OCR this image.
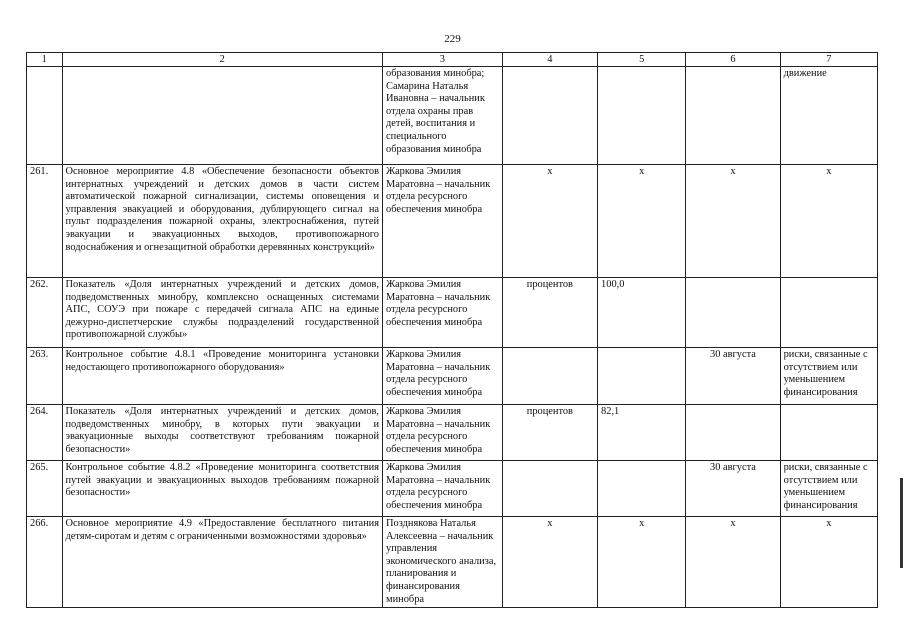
229
1	2	3	4	5	6	7
		образования минобра; Самарина Наталья Ивановна – начальник отдела охраны прав детей, воспитания и специального образования минобра				движение
261.	Основное мероприятие 4.8 «Обеспечение безопасности объектов интернатных учреждений и детских домов в части систем автоматической пожарной сигнализации, системы оповещения и управления эвакуацией и оборудования, дублирующего сигнал на пульт подразделения пожарной охраны, электроснабжения, путей эвакуации и эвакуационных выходов, противопожарного водоснабжения и огнезащитной обработки деревянных конструкций»	Жаркова Эмилия Маратовна – начальник отдела ресурсного обеспечения минобра	х	х	х	х
262.	Показатель «Доля интернатных учреждений и детских домов, подведомственных минобру, комплексно оснащенных системами АПС, СОУЭ при пожаре с передачей сигнала АПС на единые дежурно-диспетчерские службы подразделений государственной противопожарной службы»	Жаркова Эмилия Маратовна – начальник отдела ресурсного обеспечения минобра	процентов	100,0		
263.	Контрольное событие 4.8.1 «Проведение мониторинга установки недостающего противопожарного оборудования»	Жаркова Эмилия Маратовна – начальник отдела ресурсного обеспечения минобра			30 августа	риски, связанные с отсутствием или уменьшением финансирования
264.	Показатель «Доля интернатных учреждений и детских домов, подведомственных минобру, в которых пути эвакуации и эвакуационные выходы соответствуют требованиям пожарной безопасности»	Жаркова Эмилия Маратовна – начальник отдела ресурсного обеспечения минобра	процентов	82,1		
265.	Контрольное событие 4.8.2 «Проведение мониторинга соответствия путей эвакуации и эвакуационных выходов требованиям пожарной безопасности»	Жаркова Эмилия Маратовна – начальник отдела ресурсного обеспечения минобра			30 августа	риски, связанные с отсутствием или уменьшением финансирования
266.	Основное мероприятие 4.9 «Предоставление бесплатного питания детям-сиротам и детям с ограниченными возможностями здоровья»	Позднякова Наталья Алексеевна – начальник управления экономического анализа, планирования и финансирования минобра	х	х	х	х
